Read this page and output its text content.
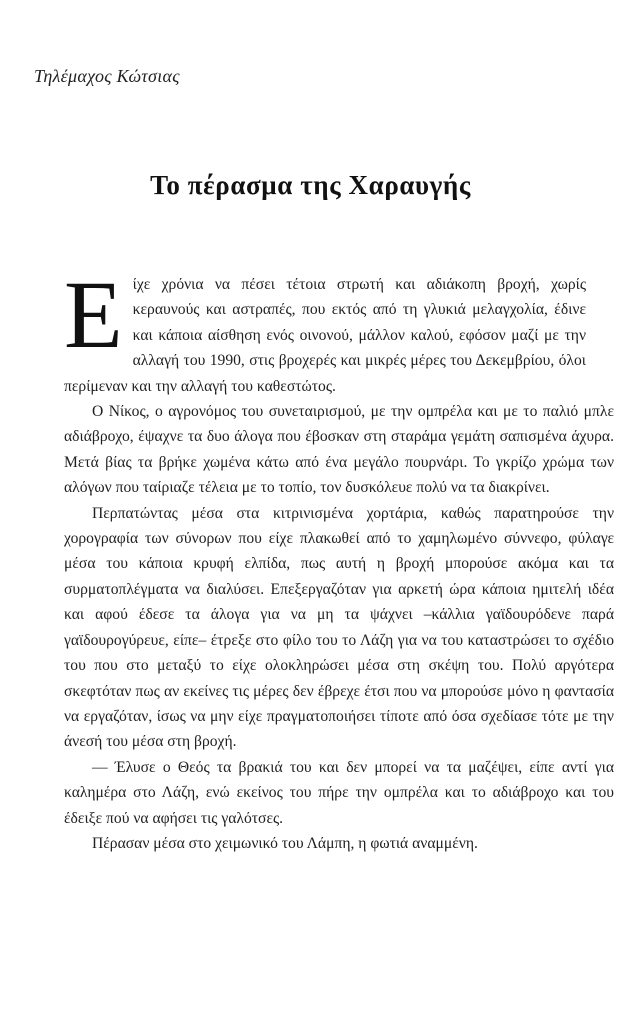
Τηλέμαχος Κώτσιας
Το πέρασμα της Χαραυγής

Είχε χρόνια να πέσει τέτοια στρωτή και αδιάκοπη βροχή, χωρίς κεραυνούς και αστραπές, που εκτός από τη γλυκιά μελαγχολία, έδινε και κάποια αίσθηση ενός οινονού, μάλλον καλού, εφόσον μαζί με την αλλαγή του 1990, στις βροχερές και μικρές μέρες του Δεκεμβρίου, όλοι περίμεναν και την αλλαγή του καθεστώτος.

Ο Νίκος, ο αγρονόμος του συνεταιρισμού, με την ομπρέλα και με το παλιό μπλε αδιάβροχο, έψαχνε τα δυο άλογα που έβοσκαν στη σταράμα γεμάτη σαπισμένα άχυρα. Μετά βίας τα βρήκε χωμένα κάτω από ένα μεγάλο πουρνάρι. Το γκρίζο χρώμα των αλόγων που ταίριαζε τέλεια με το τοπίο, τον δυσκόλευε πολύ να τα διακρίνει.

Περπατώντας μέσα στα κιτρινισμένα χορτάρια, καθώς παρατηρούσε την χορογραφία των σύνορων που είχε πλακωθεί από το χαμηλωμένο σύννεφο, φύλαγε μέσα του κάποια κρυφή ελπίδα, πως αυτή η βροχή μπορούσε ακόμα και τα συρματοπλέγματα να διαλύσει. Επεξεργαζόταν για αρκετή ώρα κάποια ημιτελή ιδέα και αφού έδεσε τα άλογα για να μη τα ψάχνει –κάλλια γαϊδουρόδενε παρά γαϊδουρογύρευε, είπε– έτρεξε στο φίλο του το Λάζη για να του καταστρώσει το σχέδιο του που στο μεταξύ το είχε ολοκληρώσει μέσα στη σκέψη του. Πολύ αργότερα σκεφτόταν πως αν εκείνες τις μέρες δεν έβρεχε έτσι που να μπορούσε μόνο η φαντασία να εργαζόταν, ίσως να μην είχε πραγματοποιήσει τίποτε από όσα σχεδίασε τότε με την άνεσή του μέσα στη βροχή.

— Έλυσε ο Θεός τα βρακιά του και δεν μπορεί να τα μαζέψει, είπε αντί για καλημέρα στο Λάζη, ενώ εκείνος του πήρε την ομπρέλα και το αδιάβροχο και του έδειξε πού να αφήσει τις γαλότσες.

Πέρασαν μέσα στο χειμωνικό του Λάμπη, η φωτιά αναμμένη.
